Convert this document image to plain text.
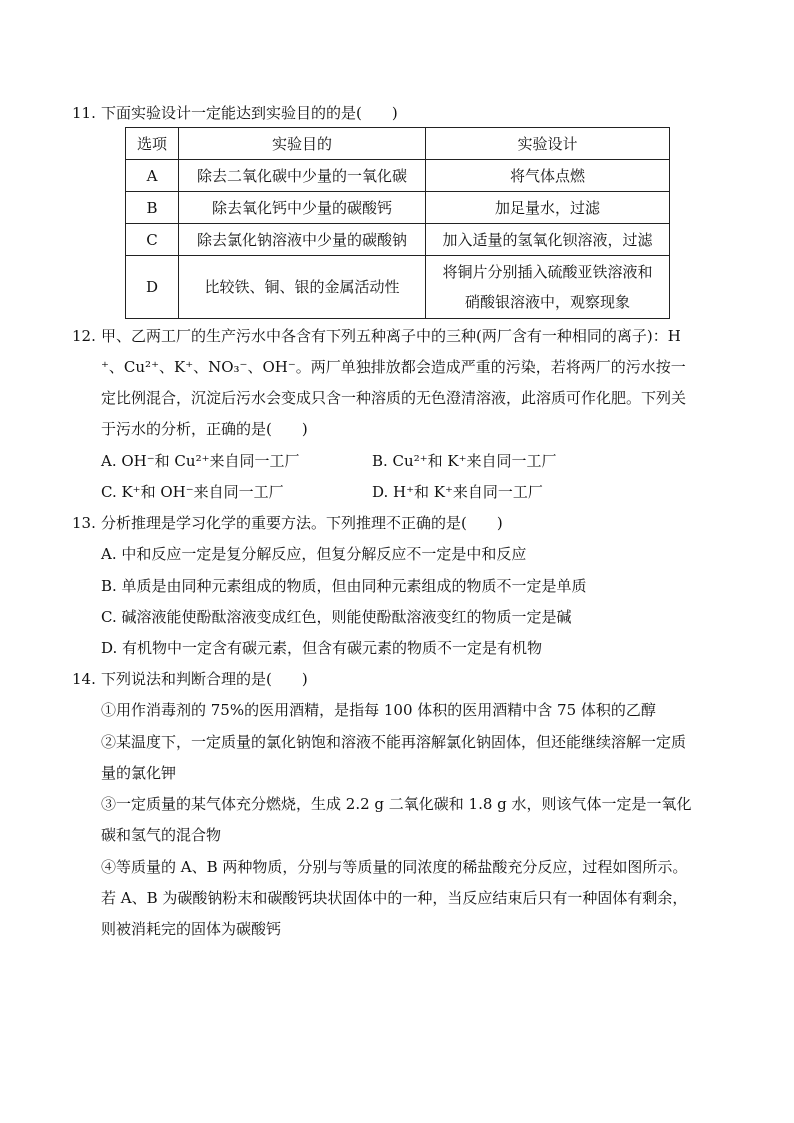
11. 下面实验设计一定能达到实验目的的是(　　)
选项	实验目的	实验设计
A	除去二氧化碳中少量的一氧化碳	将气体点燃
B	除去氧化钙中少量的碳酸钙	加足量水，过滤
C	除去氯化钠溶液中少量的碳酸钠	加入适量的氢氧化钡溶液，过滤
D	比较铁、铜、银的金属活动性	将铜片分别插入硫酸亚铁溶液和
硝酸银溶液中，观察现象
12. 甲、乙两工厂的生产污水中各含有下列五种离子中的三种(两厂含有一种相同的离子)：H
⁺、Cu²⁺、K⁺、NO₃⁻、OH⁻。两厂单独排放都会造成严重的污染，若将两厂的污水按一
定比例混合，沉淀后污水会变成只含一种溶质的无色澄清溶液，此溶质可作化肥。下列关
于污水的分析，正确的是(　　)
A. OH⁻和 Cu²⁺来自同一工厂	B. Cu²⁺和 K⁺来自同一工厂
C. K⁺和 OH⁻来自同一工厂	D. H⁺和 K⁺来自同一工厂
13. 分析推理是学习化学的重要方法。下列推理不正确的是(　　)
A. 中和反应一定是复分解反应，但复分解反应不一定是中和反应
B. 单质是由同种元素组成的物质，但由同种元素组成的物质不一定是单质
C. 碱溶液能使酚酞溶液变成红色，则能使酚酞溶液变红的物质一定是碱
D. 有机物中一定含有碳元素，但含有碳元素的物质不一定是有机物
14. 下列说法和判断合理的是(　　)
①用作消毒剂的 75%的医用酒精，是指每 100 体积的医用酒精中含 75 体积的乙醇
②某温度下，一定质量的氯化钠饱和溶液不能再溶解氯化钠固体，但还能继续溶解一定质
量的氯化钾
③一定质量的某气体充分燃烧，生成 2.2 g 二氧化碳和 1.8 g 水，则该气体一定是一氧化
碳和氢气的混合物
④等质量的 A、B 两种物质，分别与等质量的同浓度的稀盐酸充分反应，过程如图所示。
若 A、B 为碳酸钠粉末和碳酸钙块状固体中的一种，当反应结束后只有一种固体有剩余，
则被消耗完的固体为碳酸钙
